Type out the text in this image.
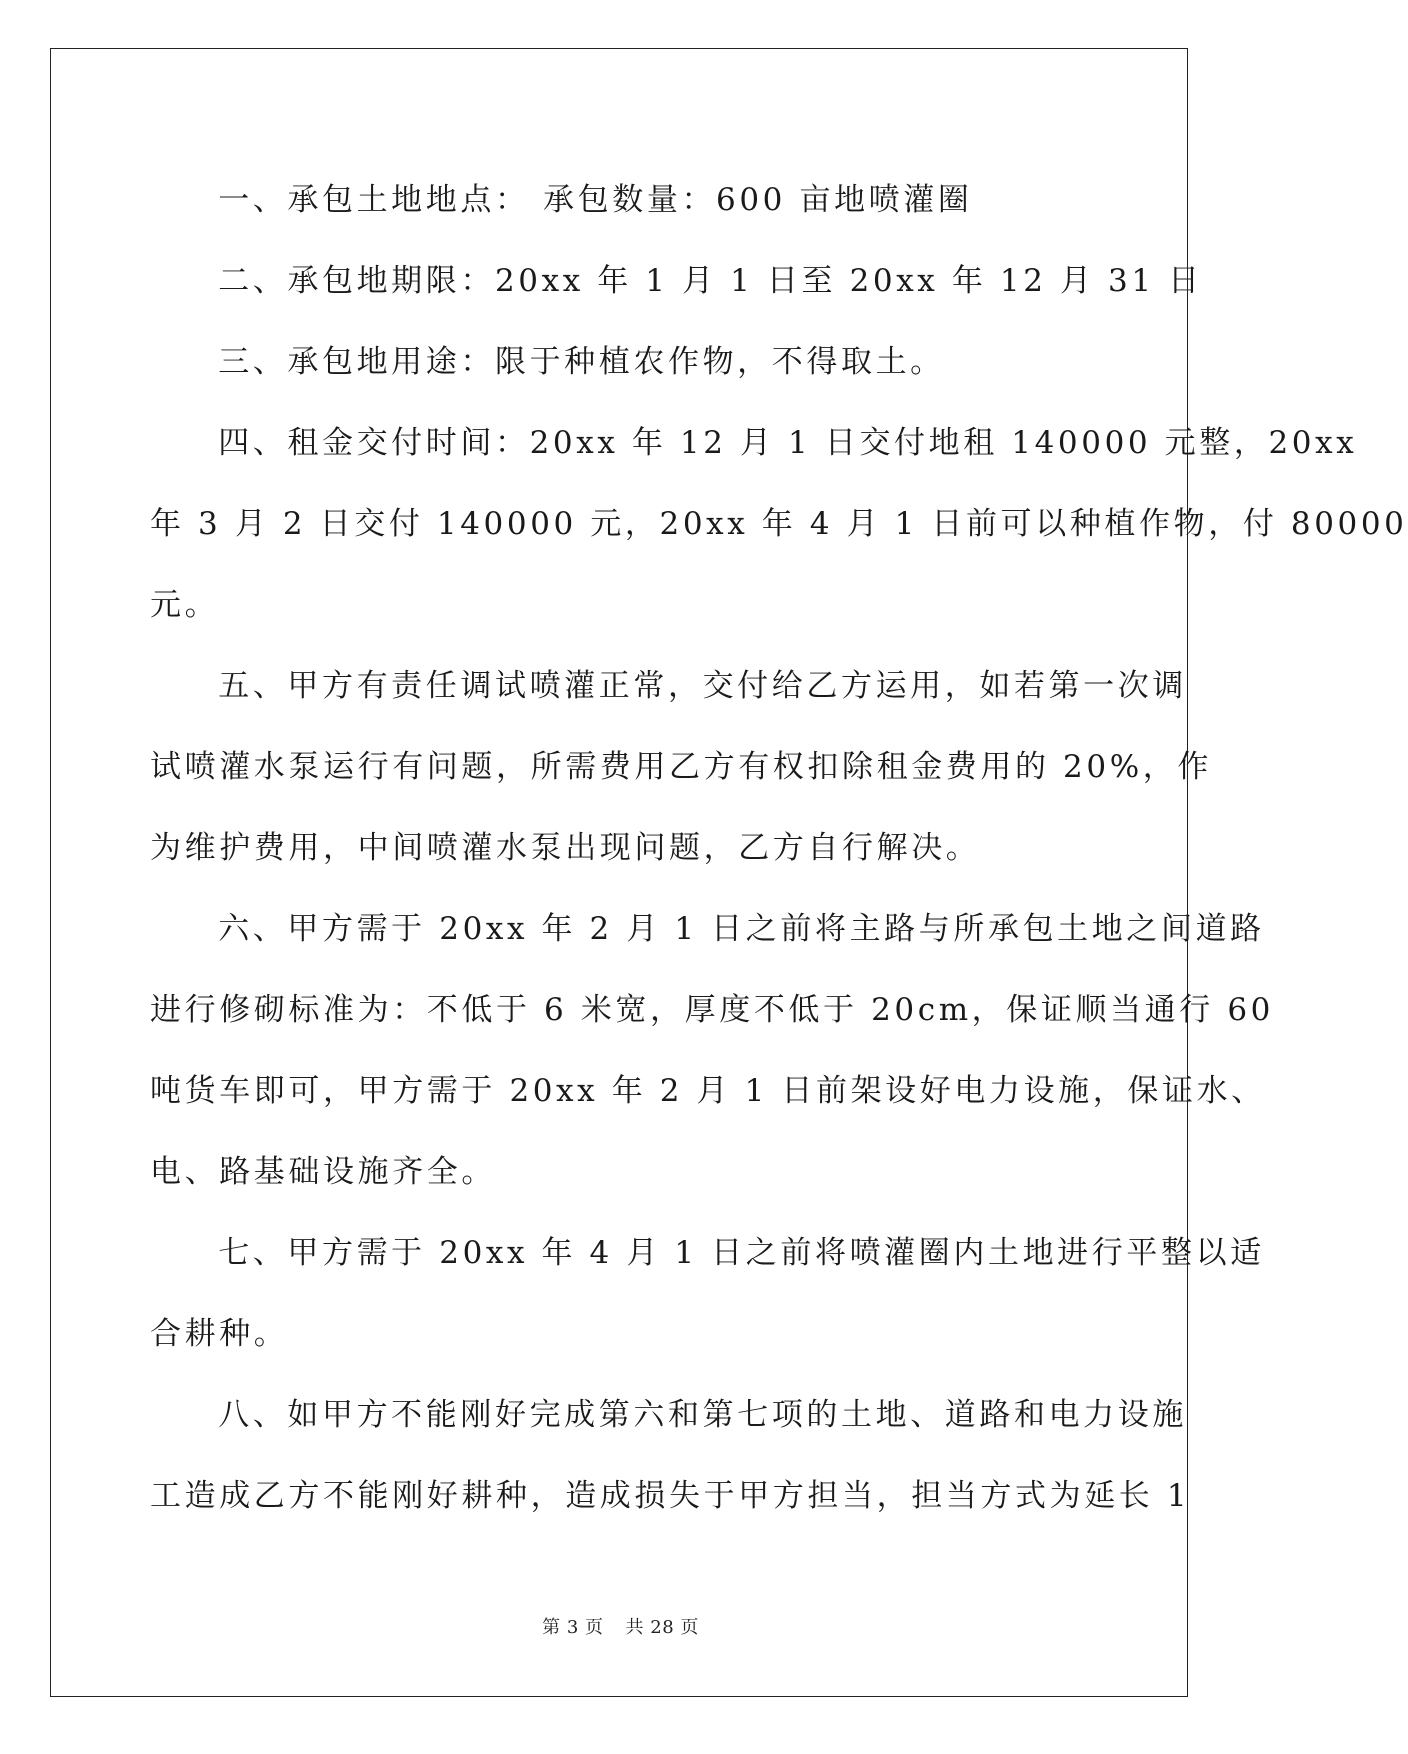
一、承包土地地点： 承包数量：600 亩地喷灌圈

二、承包地期限：20xx 年 1 月 1 日至 20xx 年 12 月 31 日

三、承包地用途：限于种植农作物，不得取土。

四、租金交付时间：20xx 年 12 月 1 日交付地租 140000 元整，20xx
年 3 月 2 日交付 140000 元，20xx 年 4 月 1 日前可以种植作物，付 80000
元。

五、甲方有责任调试喷灌正常，交付给乙方运用，如若第一次调
试喷灌水泵运行有问题，所需费用乙方有权扣除租金费用的 20%，作
为维护费用，中间喷灌水泵出现问题，乙方自行解决。

六、甲方需于 20xx 年 2 月 1 日之前将主路与所承包土地之间道路
进行修砌标准为：不低于 6 米宽，厚度不低于 20cm，保证顺当通行 60
吨货车即可，甲方需于 20xx 年 2 月 1 日前架设好电力设施，保证水、
电、路基础设施齐全。

七、甲方需于 20xx 年 4 月 1 日之前将喷灌圈内土地进行平整以适
合耕种。

八、如甲方不能刚好完成第六和第七项的土地、道路和电力设施
工造成乙方不能刚好耕种，造成损失于甲方担当，担当方式为延长 1

第 3 页 共 28 页
